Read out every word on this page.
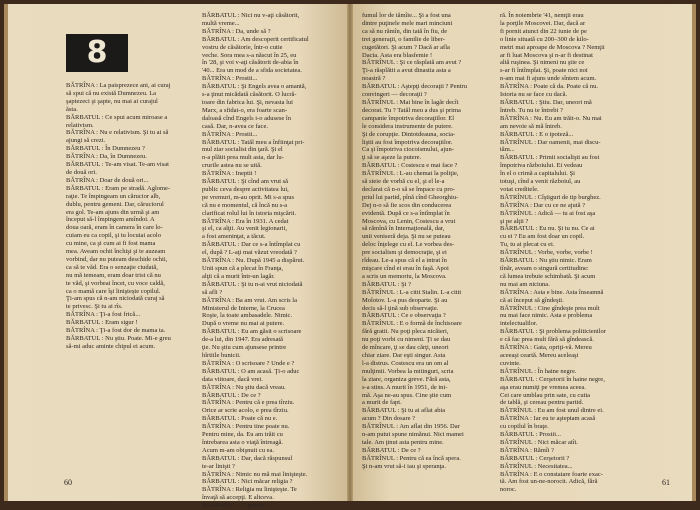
8
BĂTRÎNA : La paisprezece ani, ai curaj
să spui că nu există Dumnezeu. La
şaptezeci şi şapte, nu mai ai curajul
ăsta.
BĂRBATUL : Ce spui acum miroase a
relativism.
BĂTRÎNA : Nu e relativism. Şi tu ai să
ajungi să crezi.
BĂRBATUL : În Dumnezeu ?
BĂTRÎNA : Da, în Dumnezeu.
BĂRBATUL : Te-am visat. Te-am visat
de două ori.
BĂTRÎNA : Doar de două ori...
BĂRBATUL : Eram pe stradă. Aglome-
raţie. Te împingeam un cărucior alb,
dublu, pentru gemeni. Dar, căruciorul
era gol. Te-am ajuns din urmă şi am
început să-l împingem amîndoi. A
doua oară, eram în camera în care lo-
cuiam eu ca copil, şi tu locuiai acolo
cu mine, ca şi cum ai fi fost mama
mea. Aveam ochii închişi şi te auzeam
vorbind, dar nu puteam deschide ochii,
ca să te văd. Era o senzaţie ciudată,
nu mă temeam, eram doar trist că nu
te văd, şi vorbeai încet, cu voce caldă,
ca o mamă care îşi linişteşte copilul.
Ţi-am spus că n-am niciodată curaj să
te privesc. Şi tu ai rîs.
BĂTRÎNA : Ţi-a fost frică...
BĂRBATUL : Eram sigur !
BĂTRÎNA : Ţi-a fost dor de mama ta.
BĂRBATUL : Nu ştiu. Poate. Mi-e greu
să-mi aduc aminte chipul ei acum.
BĂRBATUL : Nici nu v-aţi căsătorit,
multă vreme...
BĂTRÎNA : Da, unde să ?
BĂRBATUL : Am descoperit certificatul
vostru de căsătorie, într-o cutie
veche. Sora mea s-a născut în 25, eu
în '28, şi voi v-aţi căsătorit de-abia în
'40... Era un mod de a sfida societatea.
BĂTRÎNA : Prostii...
BĂRBATUL : Şi Engels avea o amantă,
s-a ţinut micădată căsătorit. O lucră-
toare din fabrica lui. Şi, nevasta lui
Marx, a sfidat-o, era foarte scan-
daloasă cînd Engels i-o adusese în
casă. Dar, n-avea ce face.
BĂTRÎNA : Prostii...
BĂRBATUL : Tatăl meu a înfiinţat pri-
mul ziar socialist din ţară. Şi el
n-a plătit prea mult asta, dar lu-
crurile astea nu se uită.
BĂTRÎNA : Ineptii !
BĂRBATUL : Şi cînd am vrut să
public ceva despre activitatea lui,
pe vremuri, m-au oprit. Mi s-a spus
că nu e momentul, că încă nu s-a
clarificat rolul lui în istoria mişcării.
BĂTRÎNA : Era în 1931. A cedat
şi el, ca alţii. Au venit legionarii,
a fost ameninţat, a tăcut.
BĂRBATUL : Dar ce s-a întîmplat cu
el, după ? L-aţi mai văzut vreodată ?
BĂTRÎNA : Nu. După 1945 a dispărut.
Unii spun că a plecat în Franţa,
alţii că a murit într-un lagăr.
BĂRBATUL : Şi tu n-ai vrut niciodată
să afli ?
BĂTRÎNA : Ba am vrut. Am scris la
Ministerul de Interne, la Crucea
Roşie, la toate ambasadele. Nimic.
După o vreme nu mai ai putere.
BĂRBATUL : Eu am găsit o scrisoare
de-a lui, din 1947. Era adresată
ţie. Nu ştiu cum ajunsese printre
hîrtiile bunicii.
BĂTRÎNA : O scrisoare ? Unde e ?
BĂRBATUL : O am acasă. Ţi-o aduc
data viitoare, dacă vrei.
BĂTRÎNA : Nu ştiu dacă vreau.
BĂRBATUL : De ce ?
BĂTRÎNA : Pentru că e prea tîrziu.
Orice ar scrie acolo, e prea tîrziu.
BĂRBATUL : Poate că nu e.
BĂTRÎNA : Pentru tine poate nu.
Pentru mine, da. Eu am trăit cu
întrebarea asta o viaţă întreagă.
Acum m-am obişnuit cu ea.
BĂRBATUL : Dar, dacă răspunsul
te-ar linişti ?
BĂTRÎNA : Nimic nu mă mai linişteşte.
BĂRBATUL : Nici măcar religia ?
BĂTRÎNA : Religia nu linişteşte. Te
învaţă să accepţi. E altceva.
BĂRBATUL : O prostie...
60
fumul lor de tămîie... Şi a fost una
dintre puţinele mele mari minciuni
ca să nu rămîn, din tată în fiu, de
trei generaţii, o familie de liber-
cugetători. Şi acum ? Dacă ar afla
Dacia. Asta era blasfemie !
BĂTRÎNUL : Şi ce răsplată am avut ?
Ţi-a răsplătit a avut dinastia asta a
noastră ?
BĂRBATUL : Aştepţi decoraţii ? Pentru
convingeri — decoraţii ?
BĂTRÎNUL : Mai bine în lagăr decît
decorat. Tu ? Tatăl meu a dus şi prima
campanie împotriva decoraţiilor. El
le considera instrumente de putere.
Şi de corupţie. Dintotdeauna, socia-
liştii au fost împotriva decoraţiilor.
Ca şi împotriva ciocoismului, ajun-
ţi să se aşeze la putere.
BĂRBATUL : Costescu e mai face ?
BĂTRÎNUL : L-au chemat la poliţie,
să steie de vorbă cu el, şi el le-a
declarat că n-o să se împace cu pro-
priul lui partid, pînă cînd Gheorghiu-
Dej n-o să fie scos din conducerea
evidentă. După ce s-a întîmplat în
Moscova, cu Lenin, Costescu a vrut
să rămînă în Internaţională, dar,
unii veniseră deja. Şi nu se puteau
deloc înţelege cu el. Le vorbea des-
pre socialism şi democraţie, şi ei
rîdeau. Le-a spus că el a intrat în
mişcare cînd ei erau în faşă. Apoi
a scris un memoriu, la Moscova.
BĂRBATUL : Şi ?
BĂTRÎNUL : L-a citit Stalin. L-a citit
Molotov. L-a pus deoparte. Şi au
decis să-l ţină sub observaţie.
BĂRBATUL : Ce e observaţia ?
BĂTRÎNUL : E o formă de închisoare
fără gratii. Nu poţi pleca nicăieri,
nu poţi vorbi cu nimeni. Ţi se dau
de mîncare, ţi se dau cărţi, uneori
chiar ziare. Dar eşti singur. Asta
l-a distrus. Costescu era un om al
mulţimii. Vorbea la mitinguri, scria
la ziare, organiza greve. Fără asta,
s-a stins. A murit în 1951, de ini-
mă. Aşa ne-au spus. Cine ştie cum
a murit de fapt.
BĂRBATUL : Şi tu ai aflat abia
acum ? Din dosare ?
BĂTRÎNUL : Am aflat din 1956. Dar
n-am putut spune nimănui. Nici mamei
tale. Am ţinut asta pentru mine.
BĂRBATUL : De ce ?
BĂTRÎNUL : Pentru că ea încă spera.
Şi n-am vrut să-i iau şi speranţa.
ră. În noiembrie '41, nemţii erau
la porţile Moscovei. Dar, dacă ar
fi pornit atunci din 22 iunie de pe
o linie situată cu 200–300 de kilo-
metri mai aproape de Moscova ? Nemţii
ar fi luat Moscova şi n-ar fi destinat
altă ruşinea. Şi nimeni nu ştie ce
s-ar fi întîmplat. Şi, poate nici noi
n-am mai fi ajuns unde sîntem acum.
BĂTRÎNA : Poate că da. Poate că nu.
Istoria nu se face cu dacă.
BĂRBATUL : Ştiu. Dar, uneori mă
întreb. Tu nu te întrebi ?
BĂTRÎNA : Nu. Eu am trăit-o. Nu mai
am nevoie să mă întreb.
BĂRBATUL : E o ipoteză...
BĂTRÎNUL : Dar oamenii, mai discu-
tăm...
BĂRBATUL : Primii socialişti au fost
împotriva războiului. Ei vedeau
în el o crimă a capitalului. Şi
totuşi, cînd a venit războiul, au
votat creditele.
BĂTRÎNUL : Cîştiguri de tip burghez.
BĂTRÎNA : Dar cu ce ne ajută ?
BĂTRÎNUL : Adică — tu ai fost aşa
şi pe alţii ?
BĂRBATUL : Eu nu. Şi tu nu. Ce ai
cu ei ? Eu am fost doar un copil.
Tu, tu ai plecat cu ei.
BĂTRÎNUL : Vorbe, vorbe, vorbe !
BĂRBATUL : Nu ştiu nimic. Eram
tînăr, aveam o singură certitudine:
că lumea trebuie schimbată. Şi acum
nu mai am niciuna.
BĂTRÎNA : Asta e bine. Asta înseamnă
că ai început să gîndeşti.
BĂTRÎNUL : Cine gîndeşte prea mult
nu mai face nimic. Asta e problema
intelectualilor.
BĂRBATUL : Şi problema politicienilor
e că fac prea mult fără să gîndească.
BĂTRÎNA : Gata, opriţi-vă. Mereu
aceeaşi ceartă. Mereu aceleaşi
cuvinte.
BĂTRÎNUL : În haine negre.
BĂRBATUL : Cerşetorii în haine negre,
aşa erau numiţi pe vremea aceea.
Cei care umblau prin sate, cu cutia
de tablă, şi cereau pentru partid.
BĂTRÎNUL : Eu am fost unul dintre ei.
BĂTRÎNA : Iar eu te aşteptam acasă
cu copilul în braţe.
BĂRBATUL : Prostii...
BĂTRÎNUL : Nici măcar atît.
BĂTRÎNA : Rămîi ?
BĂRBATUL : Cerşetorii ?
BĂTRÎNUL : Necesitatea...
BĂTRÎNA : E o constatare foarte exac-
tă. Am fost un-ne-norocit. Adică, fără
noroc.
61
